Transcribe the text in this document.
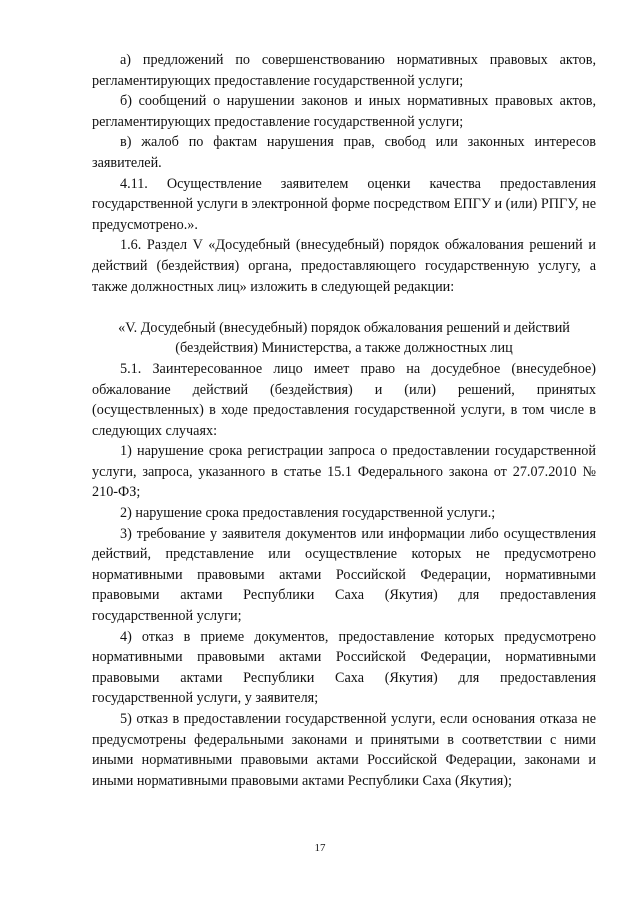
а) предложений по совершенствованию нормативных правовых актов, регламентирующих предоставление государственной услуги;

б) сообщений о нарушении законов и иных нормативных правовых актов, регламентирующих предоставление государственной услуги;

в) жалоб по фактам нарушения прав, свобод или законных интересов заявителей.

4.11. Осуществление заявителем оценки качества предоставления государственной услуги в электронной форме посредством ЕПГУ и (или) РПГУ, не предусмотрено.».

1.6. Раздел V «Досудебный (внесудебный) порядок обжалования решений и действий (бездействия) органа, предоставляющего государственную услугу, а также должностных лиц» изложить в следующей редакции:

«V. Досудебный (внесудебный) порядок обжалования решений и действий (бездействия) Министерства, а также должностных лиц

5.1. Заинтересованное лицо имеет право на досудебное (внесудебное) обжалование действий (бездействия) и (или) решений, принятых (осуществленных) в ходе предоставления государственной услуги, в том числе в следующих случаях:

1) нарушение срока регистрации запроса о предоставлении государственной услуги, запроса, указанного в статье 15.1 Федерального закона от 27.07.2010 № 210-ФЗ;

2) нарушение срока предоставления государственной услуги.;

3) требование у заявителя документов или информации либо осуществления действий, представление или осуществление которых не предусмотрено нормативными правовыми актами Российской Федерации, нормативными правовыми актами Республики Саха (Якутия) для предоставления государственной услуги;

4) отказ в приеме документов, предоставление которых предусмотрено нормативными правовыми актами Российской Федерации, нормативными правовыми актами Республики Саха (Якутия) для предоставления государственной услуги, у заявителя;

5) отказ в предоставлении государственной услуги, если основания отказа не предусмотрены федеральными законами и принятыми в соответствии с ними иными нормативными правовыми актами Российской Федерации, законами и иными нормативными правовыми актами Республики Саха (Якутия);

17
